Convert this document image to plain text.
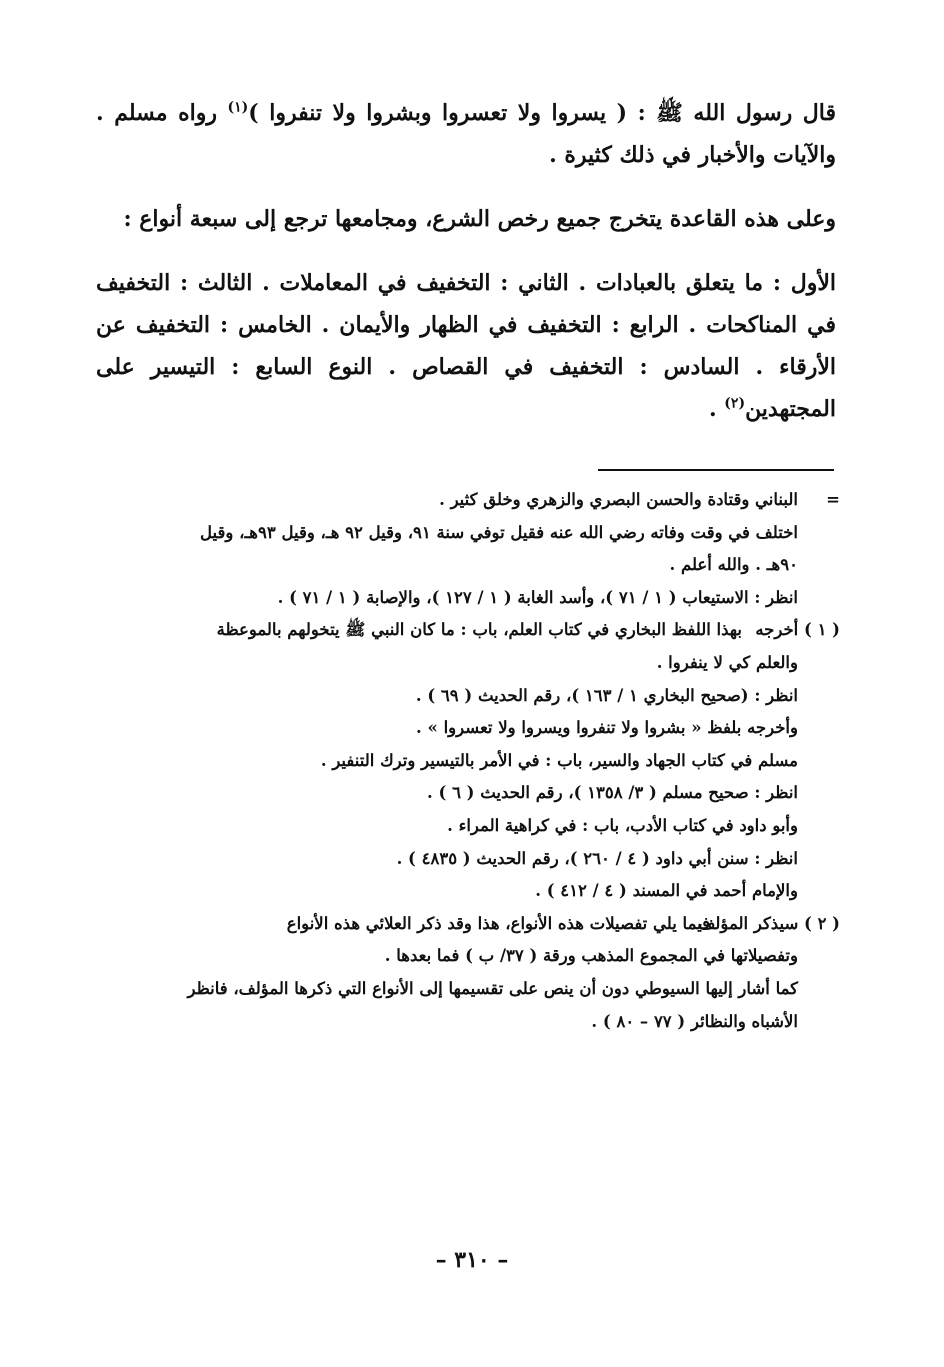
قال رسول الله ﷺ : ( يسروا ولا تعسروا وبشروا ولا تنفروا )$^{(١)}$ رواه مسلم . والآيات والأخبار في ذلك كثيرة .

وعلى هذه القاعدة يتخرج جميع رخص الشرع، ومجامعها ترجع إلى سبعة أنواع :

الأول : ما يتعلق بالعبادات . الثاني : التخفيف في المعاملات . الثالث : التخفيف في المناكحات . الرابع : التخفيف في الظهار والأيمان . الخامس : التخفيف عن الأرقاء . السادس : التخفيف في القصاص . النوع السابع : التيسير على المجتهدين$^{(٢)}$ .

=البناني وقتادة والحسن البصري والزهري وخلق كثير .
اختلف في وقت وفاته رضي الله عنه فقيل توفي سنة ٩١، وقيل ٩٢ هـ، وقيل ٩٣هـ، وقيل
٩٠هـ . والله أعلم .
انظر : الاستيعاب ( ١ / ٧١ )، وأسد الغابة ( ١ / ١٢٧ )، والإصابة ( ١ / ٧١ ) .
( ١ ) أخرجهبهذا اللفظ البخاري في كتاب العلم، باب : ما كان النبي ﷺ يتخولهم بالموعظة
والعلم كي لا ينفروا .
انظر : (صحيح البخاري ١ / ١٦٣ )، رقم الحديث ( ٦٩ ) .
وأخرجه بلفظ « بشروا ولا تنفروا ويسروا ولا تعسروا » .
مسلم في كتاب الجهاد والسير، باب : في الأمر بالتيسير وترك التنفير .
انظر : صحيح مسلم ( ٣/ ١٣٥٨ )، رقم الحديث ( ٦ ) .
وأبو داود في كتاب الأدب، باب : في كراهية المراء .
انظر : سنن أبي داود ( ٤ / ٢٦٠ )، رقم الحديث ( ٤٨٣٥ ) .
والإمام أحمد في المسند ( ٤ / ٤١٢ ) .
( ٢ ) سيذكر المؤلففيما يلي تفصيلات هذه الأنواع، هذا وقد ذكر العلائي هذه الأنواع
وتفصيلاتها في المجموع المذهب ورقة ( ٣٧/ ب ) فما بعدها .
كما أشار إليها السيوطي دون أن ينص على تقسيمها إلى الأنواع التي ذكرها المؤلف، فانظر
الأشباه والنظائر ( ٧٧ – ٨٠ ) .
– ٣١٠ –
